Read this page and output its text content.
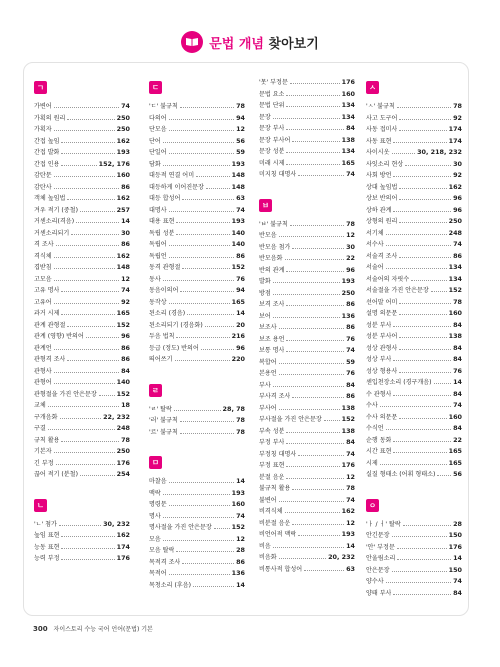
문법 개념 찾아보기
ㄱ
가변어	74
가획의 원리	250
가획자	250
간접 높임	162
간접 발화	193
간접 인용	152, 176
감탄문	160
감탄사	86
객체 높임법	162
겨우 적기 (중철)	257
거센소리(격음)	14
거센소리되기	30
격 조사	86
격식체	162
겹받침	148
고모음	12
고유 명사	74
고유어	92
과거 시제	165
관계 관형절	152
관계 (영향) 반의어	96
관계언	86
관형격 조사	86
관형사	84
관형어	140
관형절을 가진 안은문장	152
교체	18
구개음화	22, 232
구결	248
규칙 활용	78
기본자	250
긴 부정	176
끊어 적기 (분철)	254
ㄴ
'ㄴ' 첨가	30, 232
높임 표현	162
능동 표현	174
능력 부정	176
ㄷ
'ㄷ' 불규칙	78
다의어	94
단모음	12
단어	56
단일어	59
담화	193
대등적 연결 어미	148
대등하게 이어진문장	148
대등 합성어	63
대명사	74
대용 표현	193
독립 성분	140
독립어	140
독립언	86
동격 관형절	152
동사	76
동음이의어	94
동작상	165
된소리 (경음)	14
된소리되기 (경음화)	20
두음 법칙	216
등급 (정도) 반의어	96
띄어쓰기	220
ㄹ
'ㄹ' 탈락	28, 78
'러' 불규칙	78
'르' 불규칙	78
ㅁ
마찰음	14
맥락	193
명령문	160
명사	74
명사절을 가진 안은문장	152
모음	12
모음 탈락	28
목적격 조사	86
목적어	136
목청소리 (후음)	14
'못' 부정문	176
문법 요소	160
문법 단위	134
문장	134
문장 부사	84
문장 부사어	138
문장 성분	134
미래 시제	165
미지칭 대명사	74
ㅂ
'ㅂ' 불규칙	78
반모음	12
반모음 첨가	30
반모음화	22
반의 관계	96
발화	193
방점	250
보격 조사	86
보어	136
보조사	86
보조 용언	76
보통 명사	74
복합어	59
본용언	76
부사	84
부사격 조사	86
부사어	138
부사절을 가진 안은문장	152
부속 성분	138
부정 부사	84
부정칭 대명사	74
부정 표현	176
분절 음운	12
불규칙 활용	78
불변어	74
비격식체	162
비분절 음운	12
비언어적 맥락	193
비음	14
비음화	20, 232
비통사적 합성어	63
ㅅ
'ㅅ' 불규칙	78
사고 도구어	92
사동 접미사	174
사동 표현	174
사이시옷	30, 218, 232
사잇소리 현상	30
사회 방언	92
상대 높임법	162
상보 반의어	96
상하 관계	96
상형의 원리	250
서기체	248
서수사	74
서술격 조사	86
서술어	134
서술어의 자릿수	134
서술절을 가진 안은문장	152
선어말 어미	78
설명 의문문	160
성분 부사	84
성분 부사어	138
성상 관형사	84
성상 부사	84
성상 형용사	76
센입천장소리 (경구개음)	14
수 관형사	84
수사	74
수사 의문문	160
수식언	84
순행 동화	22
시간 표현	165
시제	165
실질 형태소 (어휘 형태소)	56
ㅇ
'ㅏ / ㅓ' 탈락	28
안긴문장	150
'안' 부정문	176
안울림소리	14
안은문장	150
양수사	74
양태 부사	84
300 자이스토리 수능 국어 언어(문법) 기본
